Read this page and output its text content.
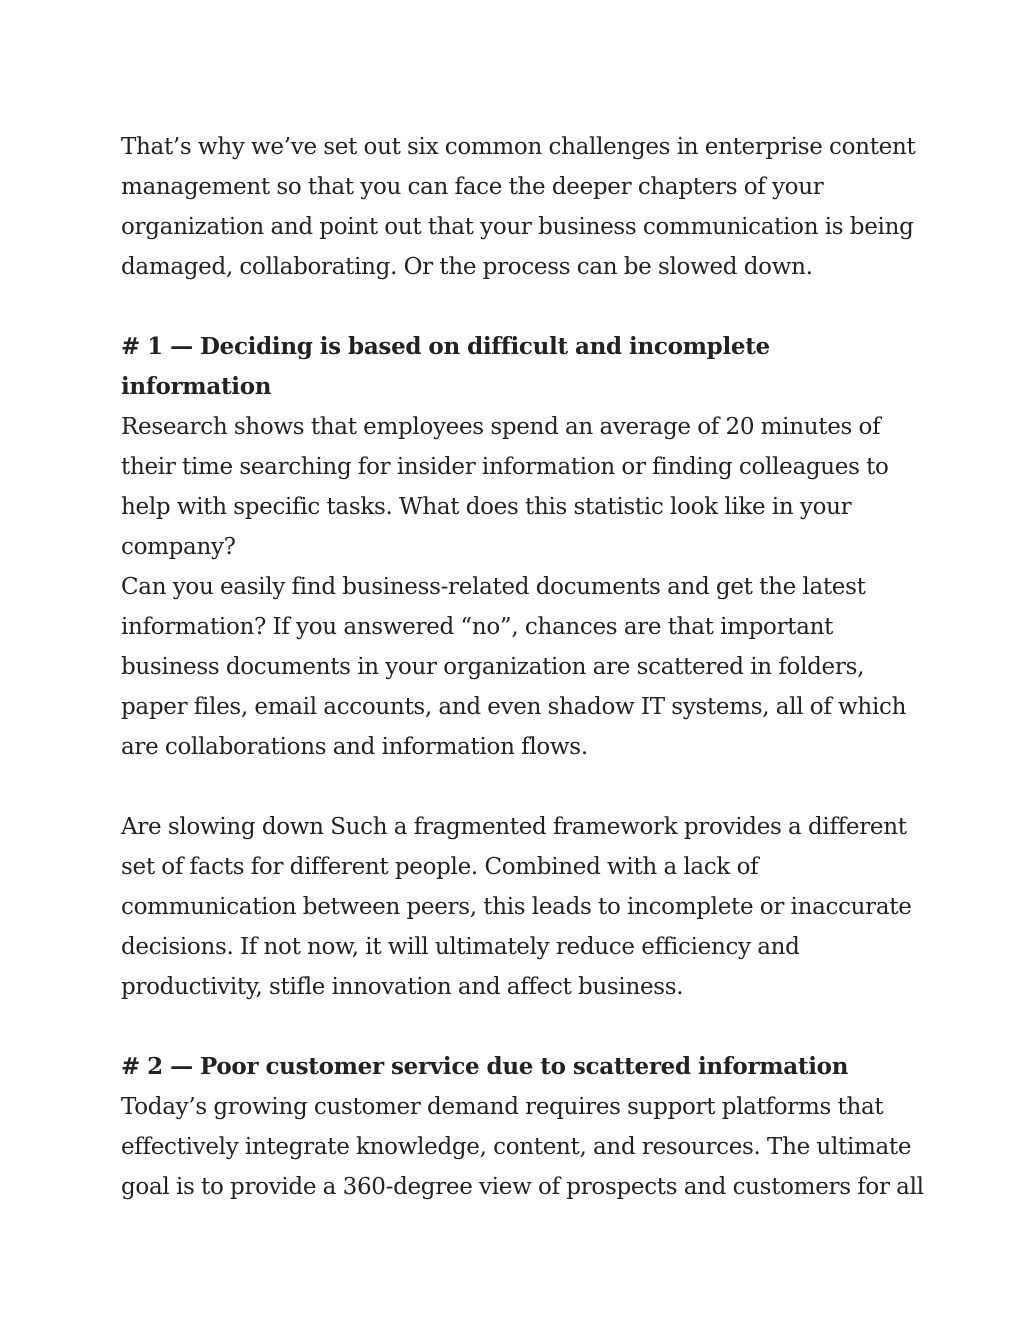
That’s why we’ve set out six common challenges in enterprise content
management so that you can face the deeper chapters of your
organization and point out that your business communication is being
damaged, collaborating. Or the process can be slowed down.

# 1 — Deciding is based on difficult and incomplete
information

Research shows that employees spend an average of 20 minutes of
their time searching for insider information or finding colleagues to
help with specific tasks. What does this statistic look like in your
company?

Can you easily find business-related documents and get the latest
information? If you answered “no”, chances are that important
business documents in your organization are scattered in folders,
paper files, email accounts, and even shadow IT systems, all of which
are collaborations and information flows.

Are slowing down Such a fragmented framework provides a different
set of facts for different people. Combined with a lack of
communication between peers, this leads to incomplete or inaccurate
decisions. If not now, it will ultimately reduce efficiency and
productivity, stifle innovation and affect business.

# 2 — Poor customer service due to scattered information

Today’s growing customer demand requires support platforms that
effectively integrate knowledge, content, and resources. The ultimate
goal is to provide a 360-degree view of prospects and customers for all
